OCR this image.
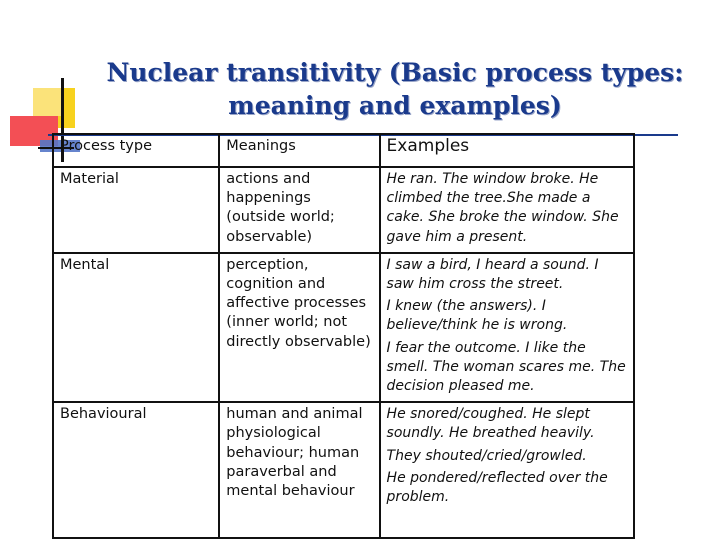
Nuclear transitivity (Basic process types: meaning and examples)
Process type	Meanings	Examples
Material	actions and happenings (outside world; observable)	He ran. The window broke. He climbed the tree.She made a cake. She broke the window. She gave him a present.

Mental	perception, cognition and affective processes (inner world; not directly observable)	I saw a bird, I heard a sound. I saw him cross the street.

I knew (the answers). I believe/think he is wrong.

I fear the outcome. I like the smell. The woman scares me. The decision pleased me.

Behavioural	human and animal physiological behaviour; human paraverbal and mental behaviour	He snored/coughed. He slept soundly. He breathed heavily.

They shouted/cried/growled.

He pondered/reflected over the problem.
